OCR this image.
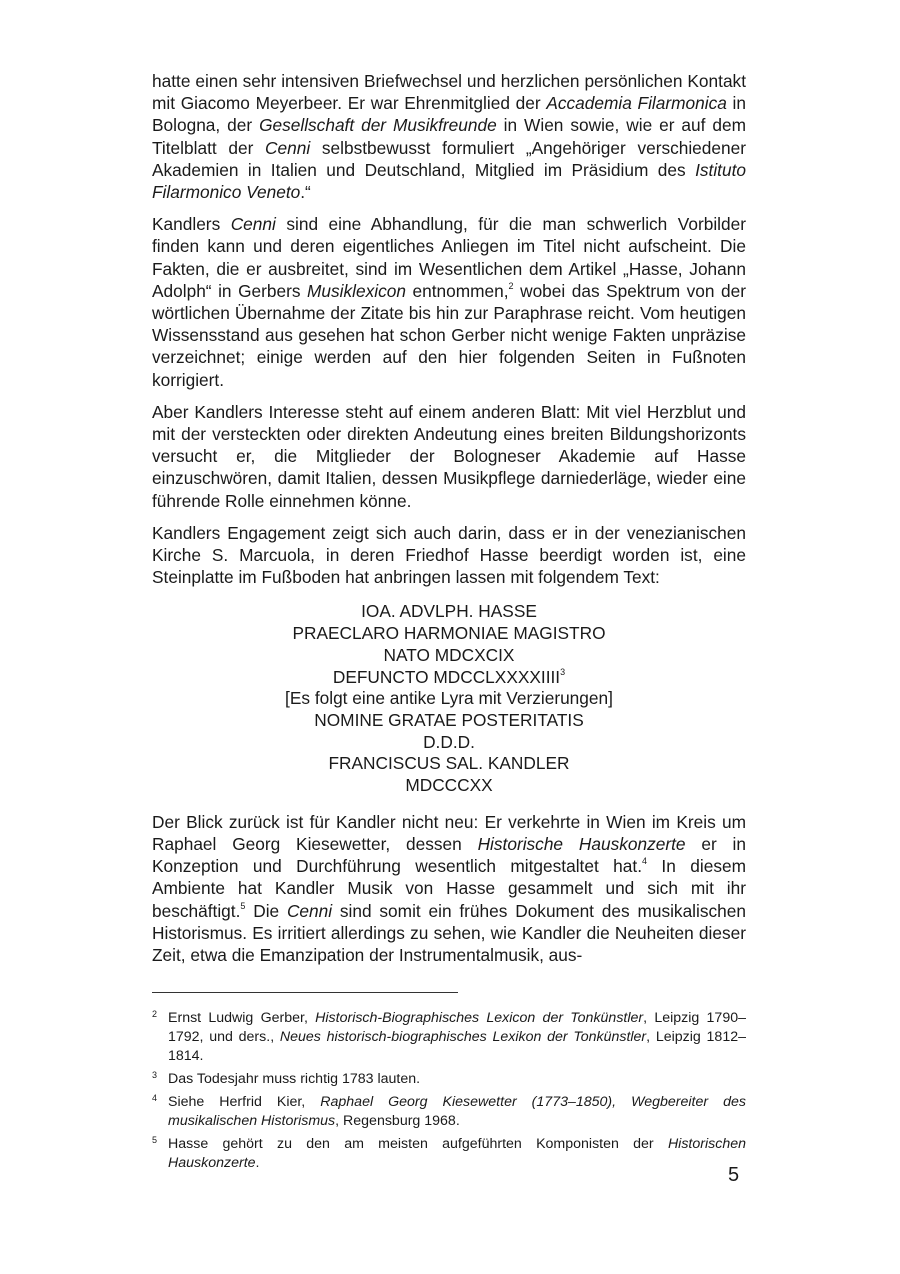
hatte einen sehr intensiven Briefwechsel und herzlichen persönlichen Kontakt mit Giacomo Meyerbeer. Er war Ehrenmitglied der Accademia Filarmonica in Bologna, der Gesellschaft der Musikfreunde in Wien sowie, wie er auf dem Titelblatt der Cenni selbstbewusst formuliert „Angehöriger verschiedener Akademien in Italien und Deutschland, Mitglied im Präsidium des Istituto Filarmonico Veneto.“

Kandlers Cenni sind eine Abhandlung, für die man schwerlich Vorbilder finden kann und deren eigentliches Anliegen im Titel nicht aufscheint. Die Fakten, die er ausbreitet, sind im Wesentlichen dem Artikel „Hasse, Johann Adolph“ in Gerbers Musiklexicon entnommen,$^2$ wobei das Spektrum von der wörtlichen Übernahme der Zitate bis hin zur Paraphrase reicht. Vom heutigen Wissensstand aus gesehen hat schon Gerber nicht wenige Fakten unpräzise verzeichnet; einige werden auf den hier folgenden Seiten in Fußnoten korrigiert.

Aber Kandlers Interesse steht auf einem anderen Blatt: Mit viel Herzblut und mit der versteckten oder direkten Andeutung eines breiten Bildungshorizonts versucht er, die Mitglieder der Bologneser Akademie auf Hasse einzuschwören, damit Italien, dessen Musikpflege darniederläge, wieder eine führende Rolle einnehmen könne.

Kandlers Engagement zeigt sich auch darin, dass er in der venezianischen Kirche S. Marcuola, in deren Friedhof Hasse beerdigt worden ist, eine Steinplatte im Fußboden hat anbringen lassen mit folgendem Text:

IOA. ADVLPH. HASSE
PRAECLARO HARMONIAE MAGISTRO
NATO MDCXCIX
DEFUNCTO MDCCLXXXXIIII$^3$
[Es folgt eine antike Lyra mit Verzierungen]
NOMINE GRATAE POSTERITATIS
D.D.D.
FRANCISCUS SAL. KANDLER
MDCCCXX

Der Blick zurück ist für Kandler nicht neu: Er verkehrte in Wien im Kreis um Raphael Georg Kiesewetter, dessen Historische Hauskonzerte er in Konzeption und Durchführung wesentlich mitgestaltet hat.$^4$ In diesem Ambiente hat Kandler Musik von Hasse gesammelt und sich mit ihr beschäftigt.$^5$ Die Cenni sind somit ein frühes Dokument des musikalischen Historismus. Es irritiert allerdings zu sehen, wie Kandler die Neuheiten dieser Zeit, etwa die Emanzipation der Instrumentalmusik, aus-

2 Ernst Ludwig Gerber, Historisch-Biographisches Lexicon der Tonkünstler, Leipzig 1790–1792, und ders., Neues historisch-biographisches Lexikon der Tonkünstler, Leipzig 1812–1814.
3 Das Todesjahr muss richtig 1783 lauten.
4 Siehe Herfrid Kier, Raphael Georg Kiesewetter (1773–1850), Wegbereiter des musikalischen Historismus, Regensburg 1968.
5 Hasse gehört zu den am meisten aufgeführten Komponisten der Historischen Hauskonzerte.
5
